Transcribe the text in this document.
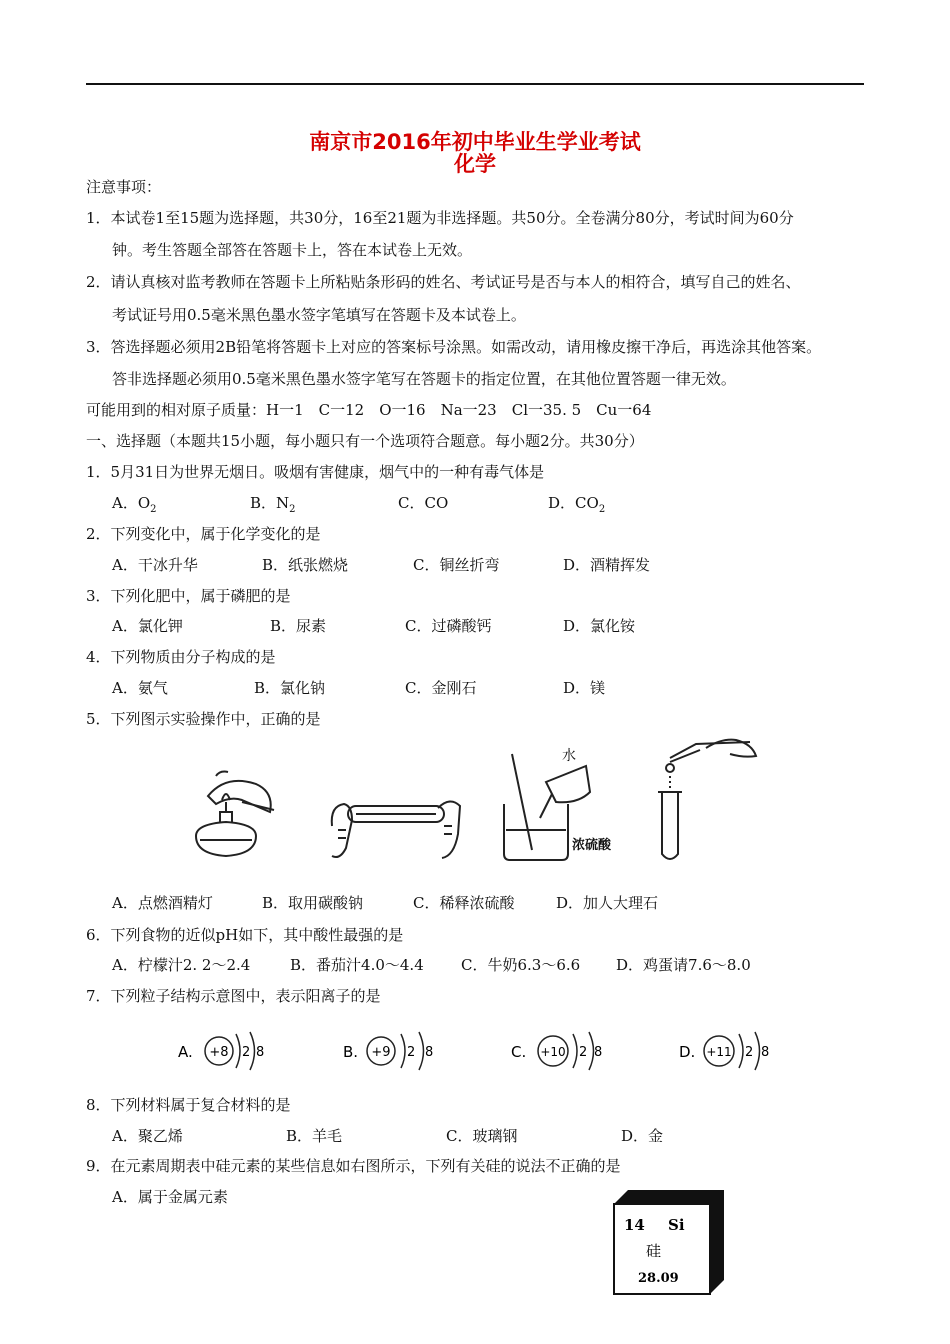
南京市2016年初中毕业生学业考试
化学
注意事项：
1．本试卷1至15题为选择题，共30分，16至21题为非选择题。共50分。全卷满分80分，考试时间为60分
钟。考生答题全部答在答题卡上，答在本试卷上无效。
2．请认真核对监考教师在答题卡上所粘贴条形码的姓名、考试证号是否与本人的相符合，填写自己的姓名、
考试证号用0.5毫米黑色墨水签字笔填写在答题卡及本试卷上。
3．答选择题必须用2B铅笔将答题卡上对应的答案标号涂黑。如需改动，请用橡皮擦干净后，再选涂其他答案。
答非选择题必须用0.5毫米黑色墨水签字笔写在答题卡的指定位置，在其他位置答题一律无效。
可能用到的相对原子质量：H一1　C一12　O一16　Na一23　Cl一35. 5　Cu一64
一、选择题（本题共15小题，每小题只有一个选项符合题意。每小题2分。共30分）
1．5月31日为世界无烟日。吸烟有害健康，烟气中的一种有毒气体是
A．$O_2$	B．$N_2$	C．CO	D．$CO_2$
2．下列变化中，属于化学变化的是
A．干冰升华	B．纸张燃烧	C．铜丝折弯	D．酒精挥发
3．下列化肥中，属于磷肥的是
A．氯化钾	B．尿素	C．过磷酸钙	D．氯化铵
4．下列物质由分子构成的是
A．氨气	B．氯化钠	C．金刚石	D．镁
5．下列图示实验操作中，正确的是
水
浓硫酸
A．点燃酒精灯	B．取用碳酸钠	C．稀释浓硫酸	D．加人大理石
6．下列食物的近似pH如下，其中酸性最强的是
A．柠檬汁2. 2～2.4	B．番茄汁4.0～4.4 C．牛奶6.3～6.6 D．鸡蛋请7.6～8.0
7．下列粒子结构示意图中，表示阳离子的是
A. +8 2 8	B. +9 2 8	C. +10 2 8	D. +11 2 8
8．下列材料属于复合材料的是
A．聚乙烯	B．羊毛	C．玻璃钢	D．金
9．在元素周期表中硅元素的某些信息如右图所示，下列有关硅的说法不正确的是
A．属于金属元素
14 Si
硅
28.09
